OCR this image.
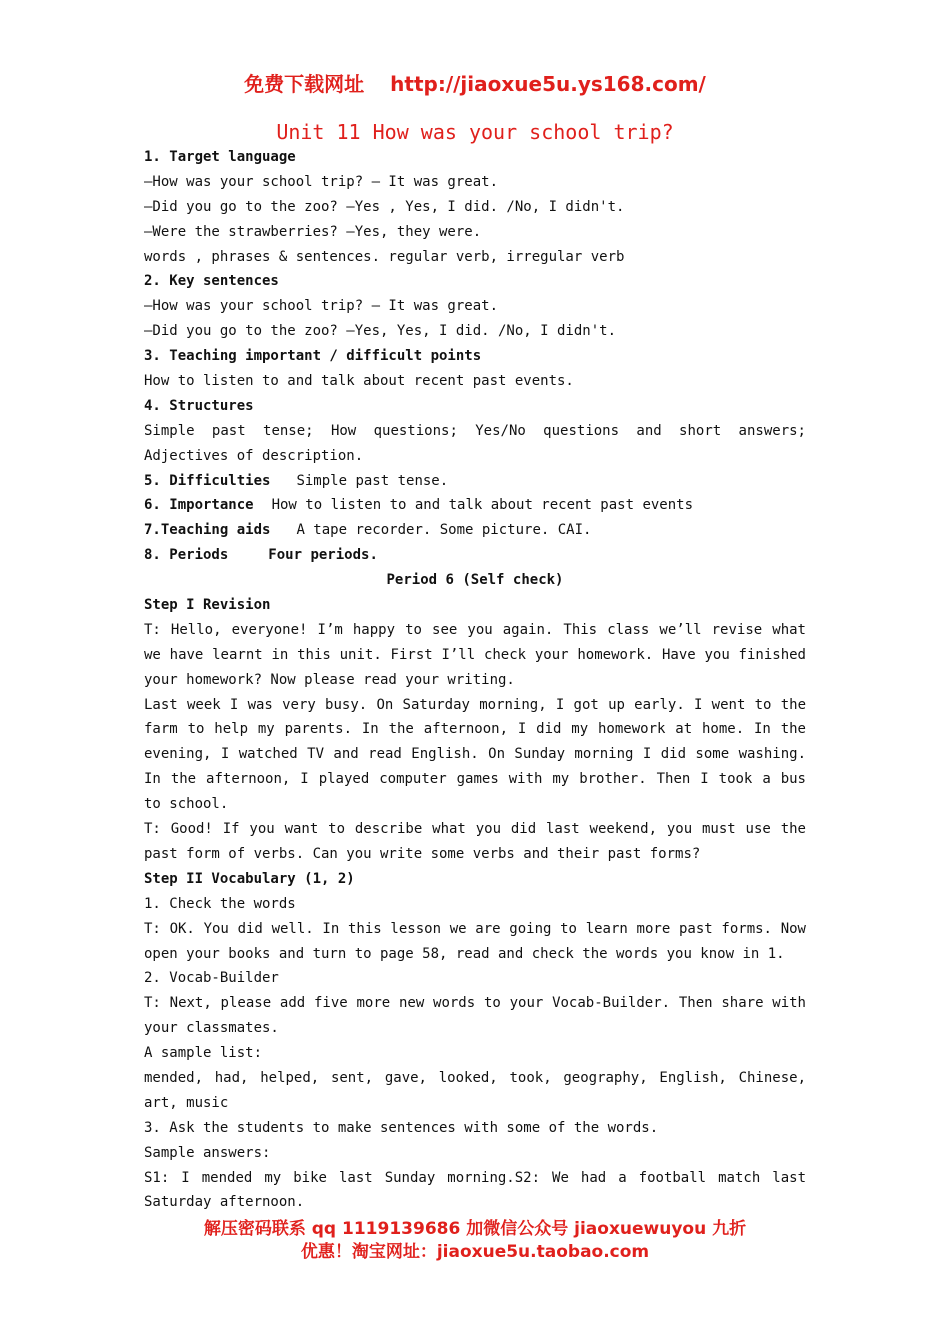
免费下载网址 http://jiaoxue5u.ys168.com/
Unit 11 How was your school trip?
1. Target language
—How was your school trip? — It was great.
—Did you go to the zoo? —Yes , Yes, I did. /No, I didn't.
—Were the strawberries? —Yes, they were.
words , phrases & sentences. regular verb, irregular verb
2. Key sentences
—How was your school trip? — It was great.
—Did you go to the zoo? —Yes, Yes, I did. /No, I didn't.
3. Teaching important / difficult points
How to listen to and talk about recent past events.
4. Structures
Simple past tense; How questions; Yes/No questions and short answers;
Adjectives of description.
5. Difficulties Simple past tense.
6. Importance How to listen to and talk about recent past events
7.Teaching aids A tape recorder. Some picture. CAI.
8. Periods	Four periods.
Period 6 (Self check)
Step I Revision
T: Hello, everyone! I’m happy to see you again. This class we’ll revise what
we have learnt in this unit. First I’ll check your homework. Have you finished
your homework? Now please read your writing.
Last week I was very busy. On Saturday morning, I got up early. I went to the
farm to help my parents. In the afternoon, I did my homework at home. In the
evening, I watched TV and read English. On Sunday morning I did some washing.
In the afternoon, I played computer games with my brother. Then I took a bus
to school.
T: Good! If you want to describe what you did last weekend, you must use the
past form of verbs. Can you write some verbs and their past forms?
Step II Vocabulary (1, 2)
1. Check the words
T: OK. You did well. In this lesson we are going to learn more past forms. Now
open your books and turn to page 58, read and check the words you know in 1.
2. Vocab-Builder
T: Next, please add five more new words to your Vocab-Builder. Then share with
your classmates.
A sample list:
mended, had, helped, sent, gave, looked, took, geography, English, Chinese,
art, music
3. Ask the students to make sentences with some of the words.
Sample answers:
S1: I mended my bike last Sunday morning.S2: We had a football match last
Saturday afternoon.
解压密码联系 qq 1119139686 加微信公众号 jiaoxuewuyou 九折
优惠！淘宝网址：jiaoxue5u.taobao.com
